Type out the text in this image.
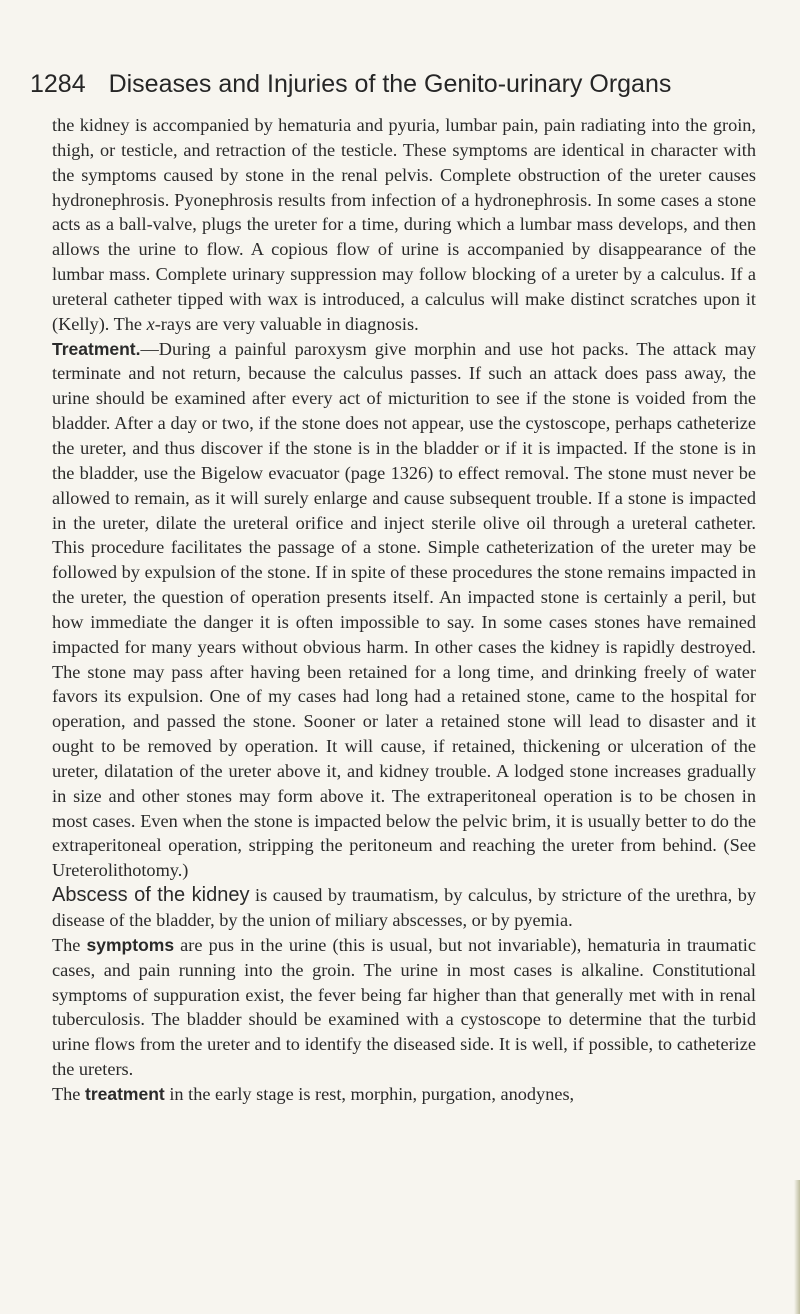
1284 Diseases and Injuries of the Genito-urinary Organs

the kidney is accompanied by hematuria and pyuria, lumbar pain, pain radiating into the groin, thigh, or testicle, and retraction of the testicle. These symptoms are identical in character with the symptoms caused by stone in the renal pelvis. Complete obstruction of the ureter causes hydronephrosis. Pyonephrosis results from infection of a hydronephrosis. In some cases a stone acts as a ball-valve, plugs the ureter for a time, during which a lumbar mass develops, and then allows the urine to flow. A copious flow of urine is accompanied by disappearance of the lumbar mass. Complete urinary suppression may follow blocking of a ureter by a calculus. If a ureteral catheter tipped with wax is introduced, a calculus will make distinct scratches upon it (Kelly). The x-rays are very valuable in diagnosis.

Treatment.—During a painful paroxysm give morphin and use hot packs. The attack may terminate and not return, because the calculus passes. If such an attack does pass away, the urine should be examined after every act of micturition to see if the stone is voided from the bladder. After a day or two, if the stone does not appear, use the cystoscope, perhaps catheterize the ureter, and thus discover if the stone is in the bladder or if it is impacted. If the stone is in the bladder, use the Bigelow evacuator (page 1326) to effect removal. The stone must never be allowed to remain, as it will surely enlarge and cause subsequent trouble. If a stone is impacted in the ureter, dilate the ureteral orifice and inject sterile olive oil through a ureteral catheter. This procedure facilitates the passage of a stone. Simple catheterization of the ureter may be followed by expulsion of the stone. If in spite of these procedures the stone remains impacted in the ureter, the question of operation presents itself. An impacted stone is certainly a peril, but how immediate the danger it is often impossible to say. In some cases stones have remained impacted for many years without obvious harm. In other cases the kidney is rapidly destroyed. The stone may pass after having been retained for a long time, and drinking freely of water favors its expulsion. One of my cases had long had a retained stone, came to the hospital for operation, and passed the stone. Sooner or later a retained stone will lead to disaster and it ought to be removed by operation. It will cause, if retained, thickening or ulceration of the ureter, dilatation of the ureter above it, and kidney trouble. A lodged stone increases gradually in size and other stones may form above it. The extraperitoneal operation is to be chosen in most cases. Even when the stone is impacted below the pelvic brim, it is usually better to do the extraperitoneal operation, stripping the peritoneum and reaching the ureter from behind. (See Ureterolithotomy.)

Abscess of the kidney is caused by traumatism, by calculus, by stricture of the urethra, by disease of the bladder, by the union of miliary abscesses, or by pyemia.

The symptoms are pus in the urine (this is usual, but not invariable), hematuria in traumatic cases, and pain running into the groin. The urine in most cases is alkaline. Constitutional symptoms of suppuration exist, the fever being far higher than that generally met with in renal tuberculosis. The bladder should be examined with a cystoscope to determine that the turbid urine flows from the ureter and to identify the diseased side. It is well, if possible, to catheterize the ureters.

The treatment in the early stage is rest, morphin, purgation, anodynes,
